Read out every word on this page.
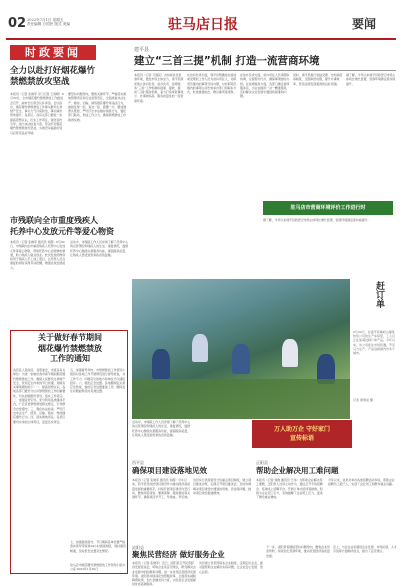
02 2022年7月1日 星期五
责任编辑 万国民 版式 美编	驻马店日报	要闻
时政要闻
全力以赴打好烟花爆竹
禁燃禁放攻坚战
本报讯（记者 张晓军 见习记者 王雨晴）6月30日，全市烟花爆竹禁燃禁放工作推进会召开，副市长出席会议并讲话。会议指出，烟花爆竹禁燃禁放工作事关群众生命财产安全，事关大气污染防治，事关城市形象提升。各县区、各有关部门要进一步提高思想认识，压实工作责任，强化宣传引导，加大执法检查力度，坚决打好烟花爆竹禁燃禁放攻坚战，为建设幸福美好驻马店营造良好环境。
要坚持问题导向，聚焦关键环节，严格落实属地管理责任和行业监管责任，全面排查非法生产、储存、运输、销售烟花爆竹等违法行为，做到发现一起、查处一起、震慑一片。要加强源头管控，严厉打击非法储存销售行为，强化部门联动，形成工作合力，确保禁燃禁放工作取得实效。
建平县
建立“三首三提”机制 打造一流营商环境
本报讯（记者 万国民）为持续优化营商环境，激发市场主体活力，建平县探索建立首问负责、首办负责、首席服务“三首”工作机制和提速、提效、提质“三提”服务机制，着力打造审批事项少、办事效率高、服务质量优的一流营商环境。
在首问负责方面，建平县明确首位接待或受理的工作人员为首问责任人，对职责范围内的事项当场办理，对非职责范围内的事项主动告知承办部门和联系方式，杜绝推诿扯皮、敷衍塞责等现象。
在首办负责方面，首办责任人负责跟踪协调，全程帮办代办，确保事项按时办结。在首席服务方面，各部门确定首席服务官，为企业提供一对一精准服务，及时解决企业发展中遇到的困难和问题。
同时，建平县推行容缺受理、告知承诺等制度，压缩审批时限，提升办事效率，营造亲商安商富商的良好氛围。
据了解，今年以来建平县新登记市场主体同比增长显著，营商环境满意度持续提升。
驻马店市营商环境评价工作进行时
据了解，今年以来建平县新登记市场主体同比增长显著，营商环境满意度持续提升。
市残联向全市重度残疾人
托养中心发放元件等爱心物资
本报讯（记者 张晓军 通讯员 刘霞）6月30日，市残联向全市重度残疾人托养中心发放元件等爱心物资，帮助托养中心拓宽增收渠道，助力残疾人就业创业。此次发放的物资将用于残疾人手工加工项目，让托养人员在康复的同时获得劳动报酬，增强自我发展能力。
活动中，市残联工作人员详细了解了托养中心的运营情况和残疾人的生活、康复情况，鼓励托养中心继续完善服务功能，提高服务质量，让残疾人感受到党和政府的温暖。
赶订单
6月30日，在遂平县嵖岈山镇某纺织公司的生产车间里，工人们正在加紧赶制订单产品。今年以来，该公司抓住市场机遇，开足马力生产，产品远销国内外多个城市。
记者 唐明旭 摄
关于做好春节期间
烟花爆竹禁燃禁放
工作的通知
各县区人民政府、各管委会，市直各有关单位：为进一步做好我市春节期间烟花爆竹禁燃禁放工作，确保人民群众生命财产安全，营造安全祥和的节日氛围，现就有关事项通知如下：一、提高思想认识。各地各部门要充分认识禁燃禁放工作的重要性，切实加强组织领导，落实工作责任。二、加强宣传引导。充分利用各类媒体平台，广泛宣传禁燃禁放相关规定，引导群众自觉遵守。三、强化执法检查。严厉打击非法生产、经营、运输、储存、燃放烟花爆竹行为。四、落实属地责任。各县区要切实承担主体责任，层层压实责任。
五、加强督导考核。市禁燃禁放工作领导小组将对各地工作开展情况进行督导检查，对工作不力、问题突出的地方和单位予以通报批评。六、强化应急处置。各地要制定完善应急预案，做好应急处置准备工作，确保发生问题能够及时有效处置。
七、加强值班值守。节日期间各单位要严格落实领导带班和24小时值班制度，保持通讯畅通，及时报告处置突发情况。
驻马店市烟花爆竹禁燃禁放工作领导小组办公室 2022年1月20日
活动中，市残联工作人员详细了解了托养中心的运营情况和残疾人的生活、康复情况，鼓励托养中心继续完善服务功能，提高服务质量，让残疾人感受到党和政府的温暖。
万人助万企 守好家门
宣传标语
西平县
确保项目建设落地见效
本报讯（记者 张晓军 通讯员 刘霞）今年以来，西平县坚持把项目建设作为推动经济高质量发展的重要抓手，持续开展项目建设攻坚行动，聚焦项目谋划、要素保障、服务推进等关键环节，确保项目早开工、早建成、早见效。
该县实行县级领导分包重点项目制度，建立项目推进台账，定期召开项目推进会，及时协调解决项目建设中遇到的用地、资金等问题，推动项目建设提速增效。
正阳县
帮助企业解决用工难问题
本报讯（记者 刘晓 通讯员 王伟）为帮助企业解决用工难题，正阳县人社局主动作为，通过召开专场招聘会、搭建线上招聘平台、开展订单式培训等措施，积极为企业招工引才，有效缓解了企业用工压力，促进了群众就业增收。
今年以来，该县共举办各类招聘活动多场，帮助企业招聘员工数千人，实现了企业用工和群众就业双赢。
泌阳县
聚焦民营经济 做好服务企业
本报讯（记者 张晓军）近日，泌阳县召开民营经济发展座谈会，听取企业家意见建议，研究解决企业发展中的困难和问题，进一步优化民营经济发展环境。泌阳县持续深化放管服改革，全面落实减税降费政策，加大金融支持力度，为民营企业发展提供优质高效服务。
该县建立县领导联系企业制度，定期走访企业，面对面帮助企业解决实际问题，让企业安心发展、放心投资。
下一步，泌阳县将继续坚持问题导向，聚焦企业所需所盼，持续优化营商环境，推动民营经济高质量发展。
会上，与会企业家围绕企业发展、市场拓展、人才引进等方面畅所欲言，提出了意见建议。
